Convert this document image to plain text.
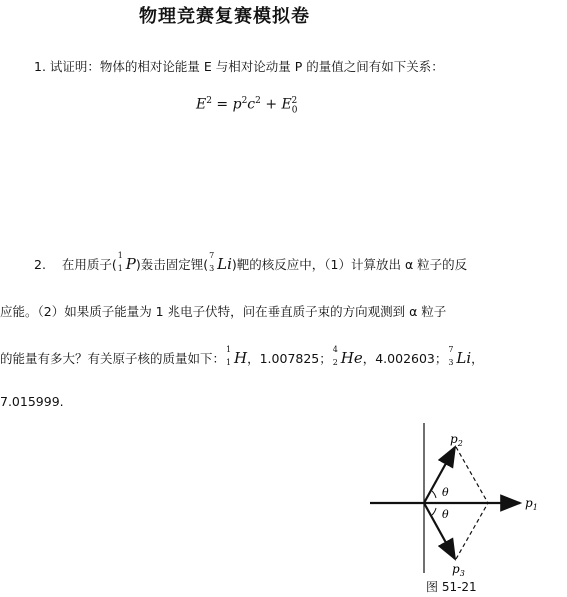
物理竞赛复赛模拟卷
1. 试证明：物体的相对论能量 E 与相对论动量 P 的量值之间有如下关系：
$E^2 = p^2c^2 + E_0^2$
2. 在用质子(
1
1 P)轰击固定锂(
7
3 Li)靶的核反应中，（1）计算放出 α 粒子的反
应能。（2）如果质子能量为 1 兆电子伏特，问在垂直质子束的方向观测到 α 粒子
的能量有多大？有关原子核的质量如下：
1
1 H，1.007825；
4
2 He，4.002603；
7
3 Li，
7.015999.
θ
θ
$p_2$
$p_1$
$p_3$
图 51-21
